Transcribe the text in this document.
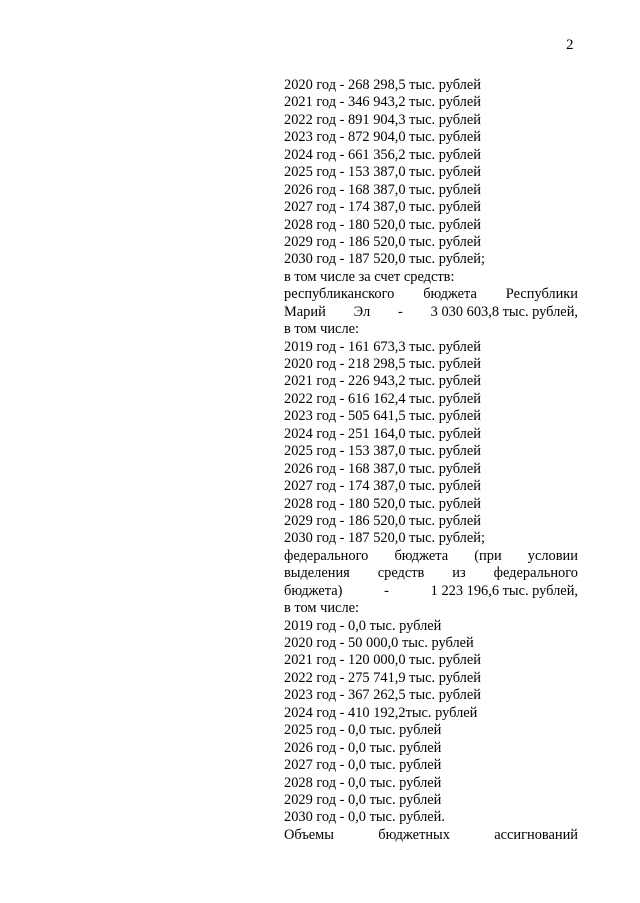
2
2020 год - 268 298,5 тыс. рублей
2021 год - 346 943,2 тыс. рублей
2022 год - 891 904,3 тыс. рублей
2023 год - 872 904,0 тыс. рублей
2024 год - 661 356,2 тыс. рублей
2025 год - 153 387,0 тыс. рублей
2026 год - 168 387,0 тыс. рублей
2027 год - 174 387,0 тыс. рублей
2028 год - 180 520,0 тыс. рублей
2029 год - 186 520,0 тыс. рублей
2030 год - 187 520,0 тыс. рублей;
в том числе за счет средств:
республиканского бюджета Республики
Марий Эл - 3 030 603,8 тыс. рублей,
в том числе:
2019 год - 161 673,3 тыс. рублей
2020 год - 218 298,5 тыс. рублей
2021 год - 226 943,2 тыс. рублей
2022 год - 616 162,4 тыс. рублей
2023 год - 505 641,5 тыс. рублей
2024 год - 251 164,0 тыс. рублей
2025 год - 153 387,0 тыс. рублей
2026 год - 168 387,0 тыс. рублей
2027 год - 174 387,0 тыс. рублей
2028 год - 180 520,0 тыс. рублей
2029 год - 186 520,0 тыс. рублей
2030 год - 187 520,0 тыс. рублей;
федерального бюджета (при условии
выделения средств из федерального
бюджета)	-	1 223 196,6 тыс. рублей,
в том числе:
2019 год - 0,0 тыс. рублей
2020 год - 50 000,0 тыс. рублей
2021 год - 120 000,0 тыс. рублей
2022 год - 275 741,9 тыс. рублей
2023 год - 367 262,5 тыс. рублей
2024 год - 410 192,2тыс. рублей
2025 год - 0,0 тыс. рублей
2026 год - 0,0 тыс. рублей
2027 год - 0,0 тыс. рублей
2028 год - 0,0 тыс. рублей
2029 год - 0,0 тыс. рублей
2030 год - 0,0 тыс. рублей.
Объемы	бюджетных	ассигнований
